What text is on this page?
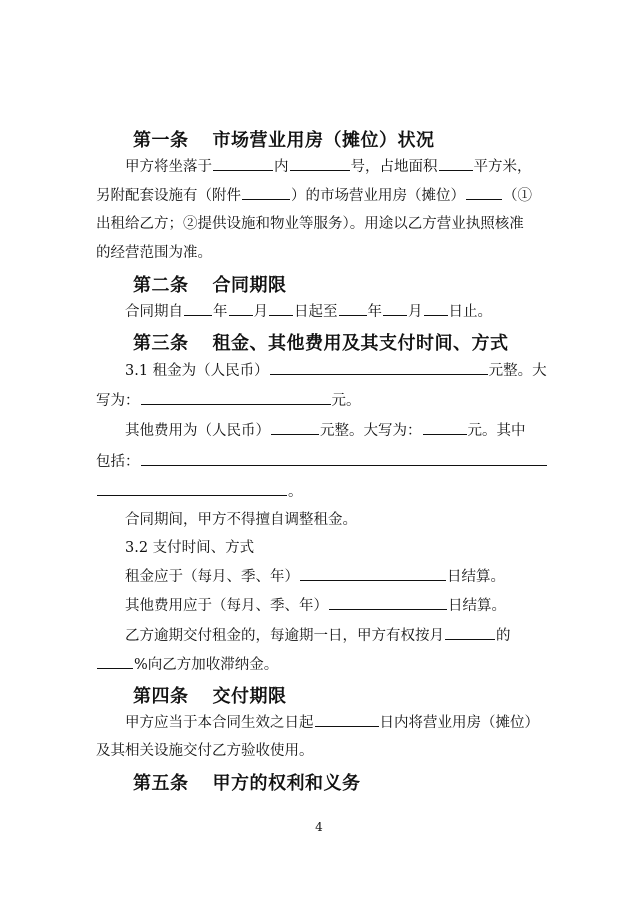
第一条 市场营业用房（摊位）状况
甲方将坐落于	内	号，占地面积 平方米，
另附配套设施有（附件	）的市场营业用房（摊位）	（①
出租给乙方；②提供设施和物业等服务）。用途以乙方营业执照核准
的经营范围为准。
第二条 合同期限
合同期自 年 月 日起至 年 月 日止。
第三条 租金、其他费用及其支付时间、方式
3.1 租金为（人民币）	元整。大
写为：	元。
其他费用为（人民币）	元整。大写为：	元。其中
包括：
。
合同期间，甲方不得擅自调整租金。
3.2 支付时间、方式
租金应于（每月、季、年）	日结算。
其他费用应于（每月、季、年）	日结算。
乙方逾期交付租金的，每逾期一日，甲方有权按月	的
%向乙方加收滞纳金。
第四条 交付期限
甲方应当于本合同生效之日起	日内将营业用房（摊位）
及其相关设施交付乙方验收使用。
第五条 甲方的权利和义务
4
